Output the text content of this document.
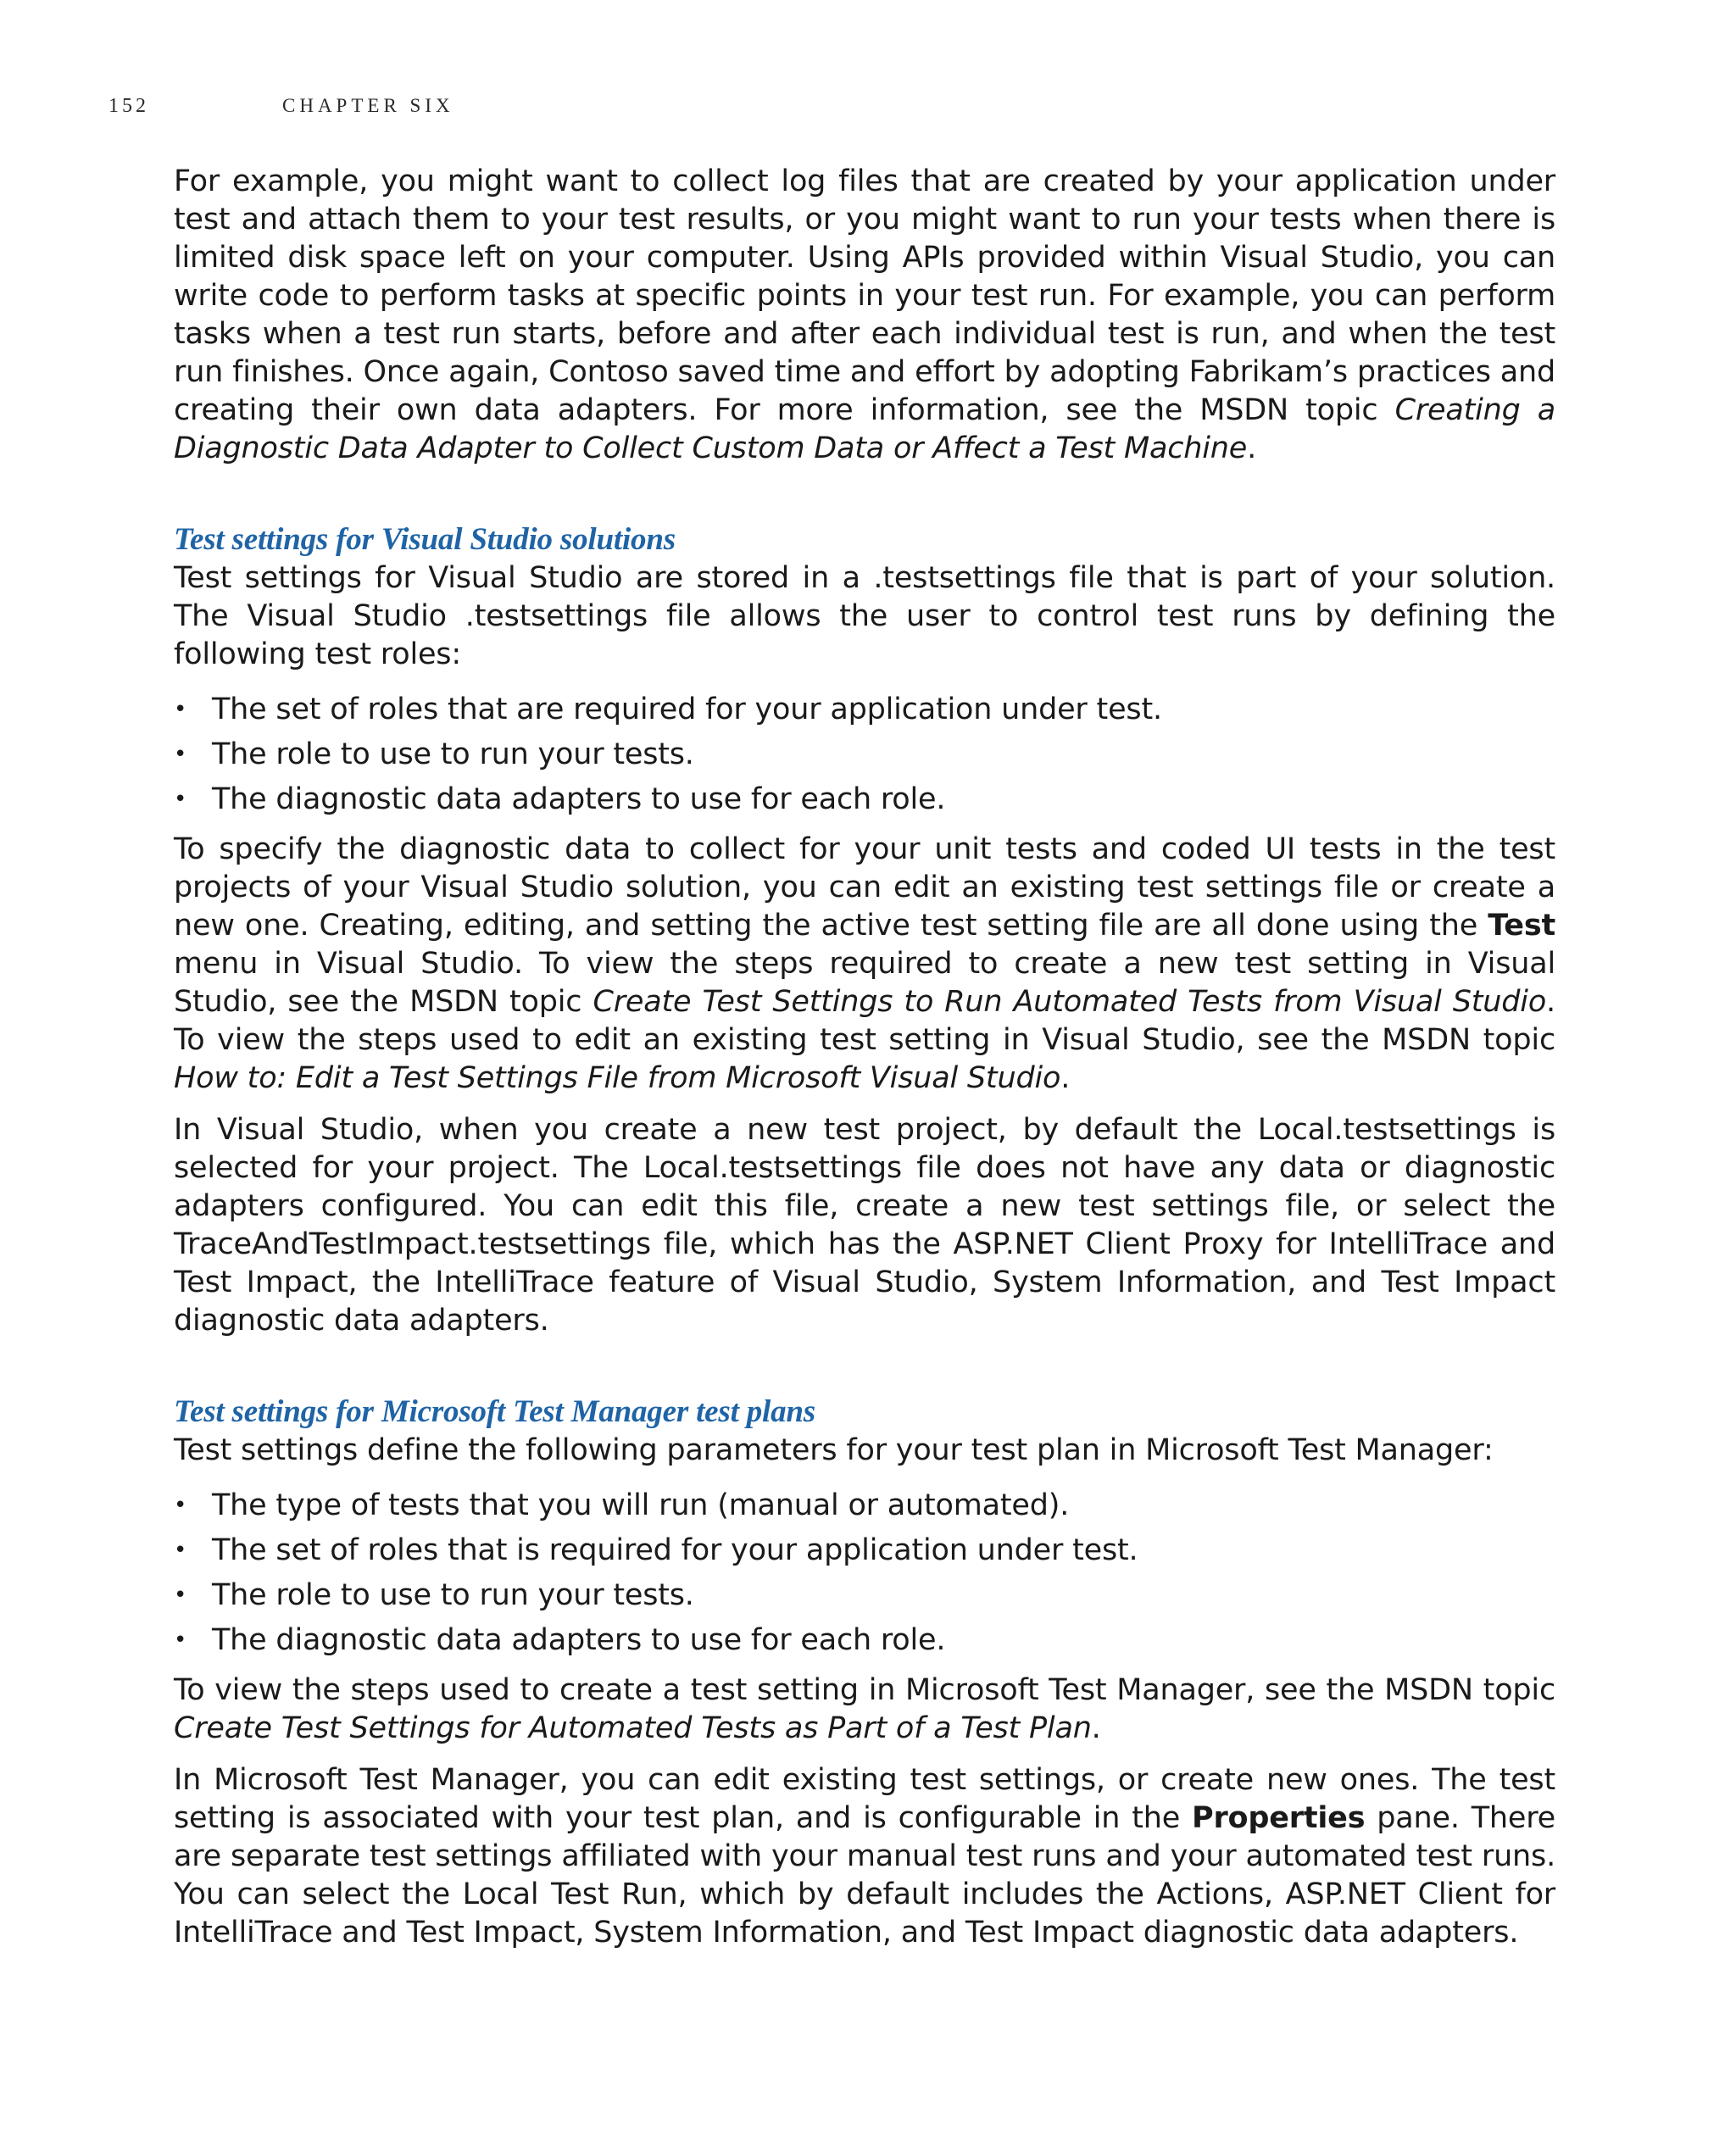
152	CHAPTER SIX

For example, you might want to collect log files that are created by your application under test and attach them to your test results, or you might want to run your tests when there is limited disk space left on your computer. Using APIs provided within Visual Studio, you can write code to perform tasks at specific points in your test run. For example, you can perform tasks when a test run starts, before and after each individual test is run, and when the test run finishes. Once again, Contoso saved time and effort by adopting Fabrikam’s practices and creating their own data adapters. For more information, see the MSDN topic Creating a Diagnostic Data Adapter to Collect Custom Data or Affect a Test Machine.

Test settings for Visual Studio solutions

Test settings for Visual Studio are stored in a .testsettings file that is part of your solution. The Visual Studio .testsettings file allows the user to control test runs by defining the following test roles:

• The set of roles that are required for your application under test.
• The role to use to run your tests.
• The diagnostic data adapters to use for each role.

To specify the diagnostic data to collect for your unit tests and coded UI tests in the test projects of your Visual Studio solution, you can edit an existing test settings file or create a new one. Creating, editing, and setting the active test setting file are all done using the Test menu in Visual Studio. To view the steps required to create a new test setting in Visual Studio, see the MSDN topic Create Test Settings to Run Automated Tests from Visual Studio. To view the steps used to edit an existing test setting in Visual Studio, see the MSDN topic How to: Edit a Test Settings File from Microsoft Visual Studio.

In Visual Studio, when you create a new test project, by default the Local.testsettings is selected for your project. The Local.testsettings file does not have any data or diagnostic adapters configured. You can edit this file, create a new test settings file, or select the TraceAndTestImpact.testsettings file, which has the ASP.NET Client Proxy for IntelliTrace and Test Impact, the IntelliTrace feature of Visual Studio, System Information, and Test Impact diagnostic data adapters.

Test settings for Microsoft Test Manager test plans

Test settings define the following parameters for your test plan in Microsoft Test Manager:

• The type of tests that you will run (manual or automated).
• The set of roles that is required for your application under test.
• The role to use to run your tests.
• The diagnostic data adapters to use for each role.

To view the steps used to create a test setting in Microsoft Test Manager, see the MSDN topic Create Test Settings for Automated Tests as Part of a Test Plan.

In Microsoft Test Manager, you can edit existing test settings, or create new ones. The test setting is associated with your test plan, and is configurable in the Properties pane. There are separate test settings affiliated with your manual test runs and your automated test runs. You can select the Local Test Run, which by default includes the Actions, ASP.NET Client for IntelliTrace and Test Impact, System Information, and Test Impact diagnostic data adapters.
